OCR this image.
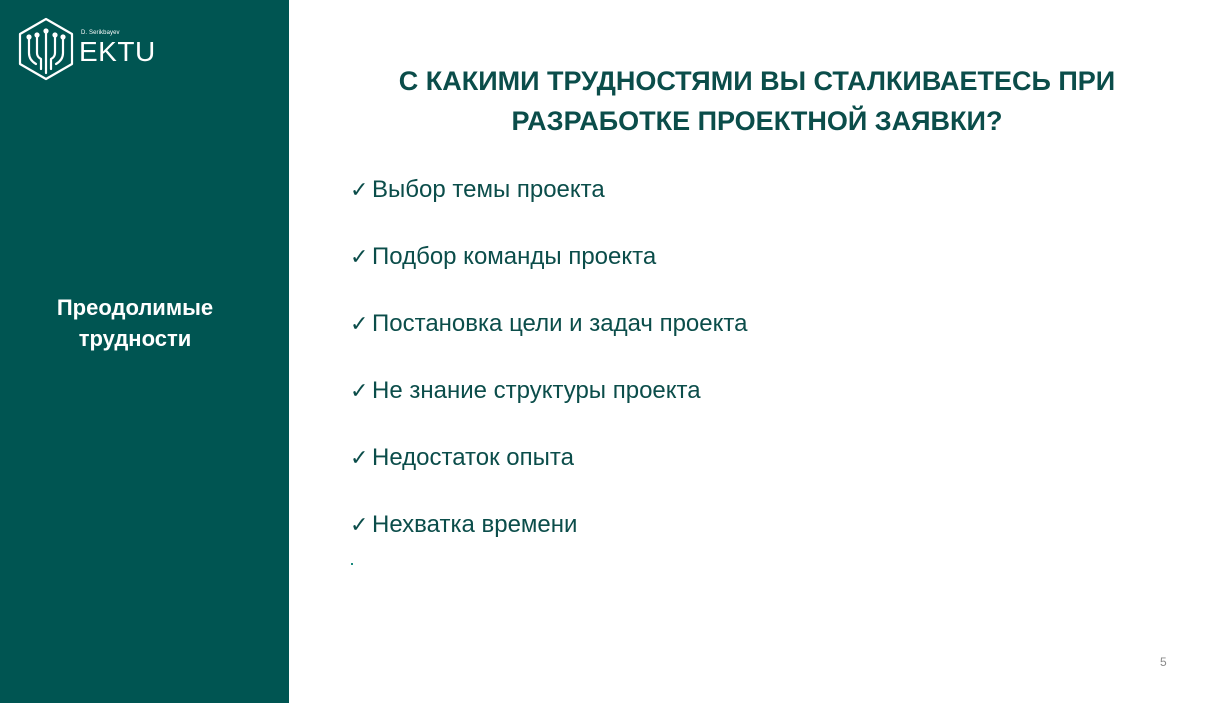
D. Serikbayev
EKTU
Преодолимые
трудности
С КАКИМИ ТРУДНОСТЯМИ ВЫ СТАЛКИВАЕТЕСЬ ПРИ
РАЗРАБОТКЕ ПРОЕКТНОЙ ЗАЯВКИ?
✓ Выбор темы проекта
✓ Подбор команды проекта
✓ Постановка цели и задач проекта
✓ Не знание структуры проекта
✓ Недостаток опыта
✓ Нехватка времени
5
